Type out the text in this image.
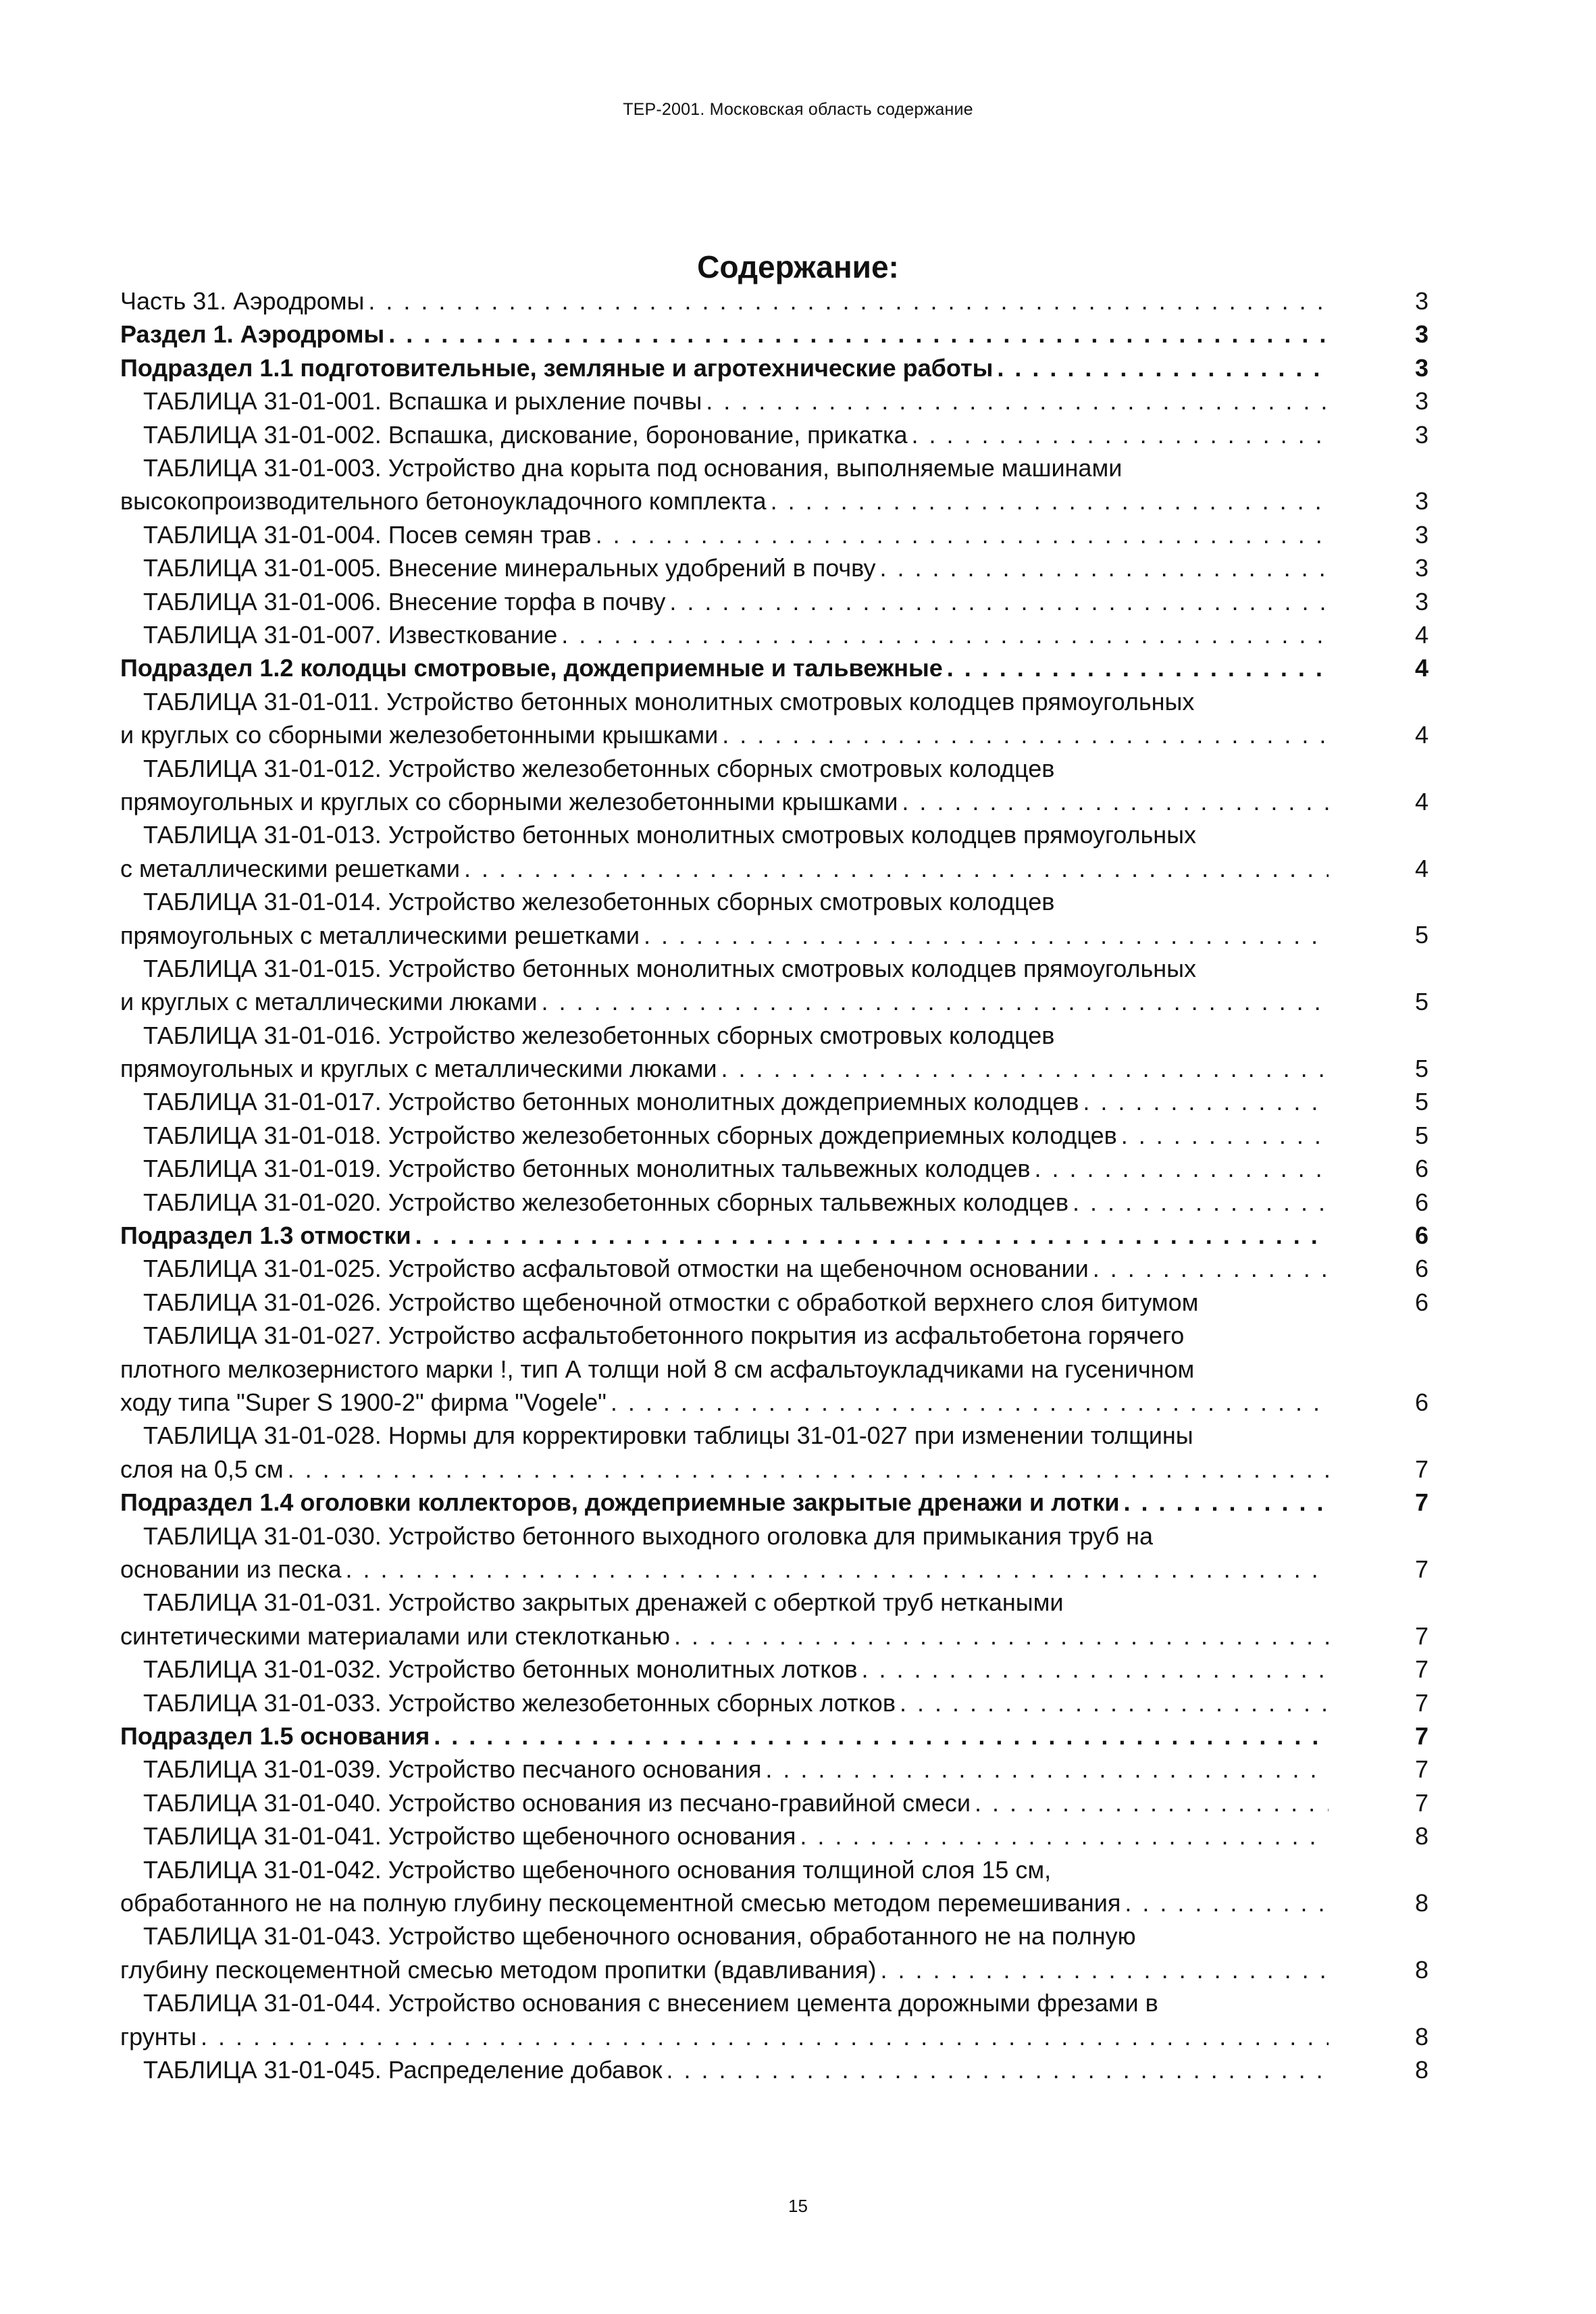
ТЕР-2001. Московская область содержание
Содержание:
Часть 31. Аэродромы . . .	3
Раздел 1. Аэродромы . . .	3
Подраздел 1.1 подготовительные, земляные и агротехнические работы . . .	3
ТАБЛИЦА 31-01-001. Вспашка и рыхление почвы . . .	3
ТАБЛИЦА 31-01-002. Вспашка, дискование, боронование, прикатка . . .	3
ТАБЛИЦА 31-01-003. Устройство дна корыта под основания, выполняемые машинами
высокопроизводительного бетоноукладочного комплекта . . .	3
ТАБЛИЦА 31-01-004. Посев семян трав . . .	3
ТАБЛИЦА 31-01-005. Внесение минеральных удобрений в почву . . .	3
ТАБЛИЦА 31-01-006. Внесение торфа в почву . . .	3
ТАБЛИЦА 31-01-007. Известкование . . .	4
Подраздел 1.2 колодцы смотровые, дождеприемные и тальвежные . . .	4
ТАБЛИЦА 31-01-011. Устройство бетонных монолитных смотровых колодцев прямоугольных
и круглых со сборными железобетонными крышками . . .	4
ТАБЛИЦА 31-01-012. Устройство железобетонных сборных смотровых колодцев
прямоугольных и круглых со сборными железобетонными крышками . . .	4
ТАБЛИЦА 31-01-013. Устройство бетонных монолитных смотровых колодцев прямоугольных
с металлическими решетками . . .	4
ТАБЛИЦА 31-01-014. Устройство железобетонных сборных смотровых колодцев
прямоугольных с металлическими решетками . . .	5
ТАБЛИЦА 31-01-015. Устройство бетонных монолитных смотровых колодцев прямоугольных
и круглых с металлическими люками . . .	5
ТАБЛИЦА 31-01-016. Устройство железобетонных сборных смотровых колодцев
прямоугольных и круглых с металлическими люками . . .	5
ТАБЛИЦА 31-01-017. Устройство бетонных монолитных дождеприемных колодцев . . .	5
ТАБЛИЦА 31-01-018. Устройство железобетонных сборных дождеприемных колодцев . . .	5
ТАБЛИЦА 31-01-019. Устройство бетонных монолитных тальвежных колодцев . . .	6
ТАБЛИЦА 31-01-020. Устройство железобетонных сборных тальвежных колодцев . . .	6
Подраздел 1.3 отмостки . . .	6
ТАБЛИЦА 31-01-025. Устройство асфальтовой отмостки на щебеночном основании . . .	6
ТАБЛИЦА 31-01-026. Устройство щебеночной отмостки с обработкой верхнего слоя битумом	6
ТАБЛИЦА 31-01-027. Устройство асфальтобетонного покрытия из асфальтобетона горячего
плотного мелкозернистого марки !, тип А толщи ной 8 см асфальтоукладчиками на гусеничном
ходу типа "Super S 1900-2" фирма "Vogele" . . .	6
ТАБЛИЦА 31-01-028. Нормы для корректировки таблицы 31-01-027 при изменении толщины
слоя на 0,5 см . . .	7
Подраздел 1.4 оголовки коллекторов, дождеприемные закрытые дренажи и лотки . . .	7
ТАБЛИЦА 31-01-030. Устройство бетонного выходного оголовка для примыкания труб на
основании из песка . . .	7
ТАБЛИЦА 31-01-031. Устройство закрытых дренажей с оберткой труб неткаными
синтетическими материалами или стеклотканью . . .	7
ТАБЛИЦА 31-01-032. Устройство бетонных монолитных лотков . . .	7
ТАБЛИЦА 31-01-033. Устройство железобетонных сборных лотков . . .	7
Подраздел 1.5 основания . . .	7
ТАБЛИЦА 31-01-039. Устройство песчаного основания . . .	7
ТАБЛИЦА 31-01-040. Устройство основания из песчано-гравийной смеси . . .	7
ТАБЛИЦА 31-01-041. Устройство щебеночного основания . . .	8
ТАБЛИЦА 31-01-042. Устройство щебеночного основания толщиной слоя 15 см,
обработанного не на полную глубину пескоцементной смесью методом перемешивания . . .	8
ТАБЛИЦА 31-01-043. Устройство щебеночного основания, обработанного не на полную
глубину пескоцементной смесью методом пропитки (вдавливания) . . .	8
ТАБЛИЦА 31-01-044. Устройство основания с внесением цемента дорожными фрезами в
грунты . . .	8
ТАБЛИЦА 31-01-045. Распределение добавок . . .	8
15
